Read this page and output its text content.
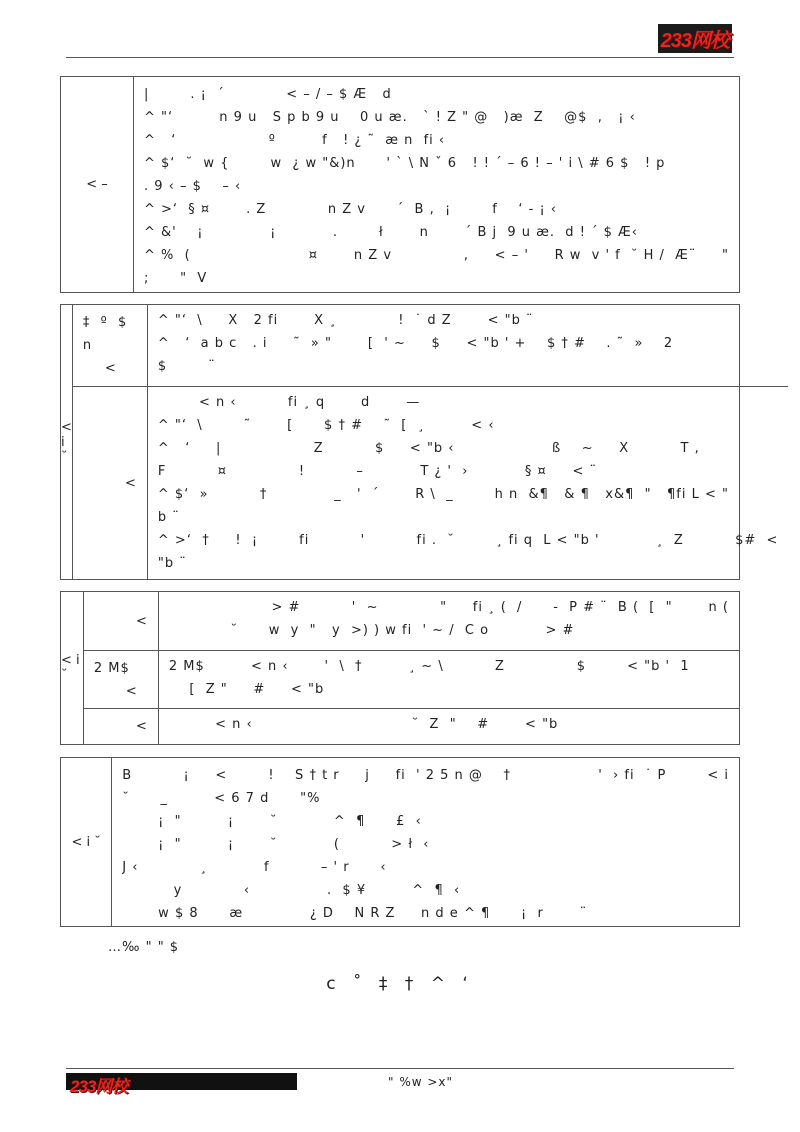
233网校
< –
|        . ¡  ´            < – / – $ Æ   d
^ "‘         n 9 u   S p b 9 u    0 u æ.   ` ! Z " @   )æ  Z    @$  ,   ¡ ‹
^   ‘                  º         f   ! ¿ ˜  æ n  fi ‹
^ $‘  ˘  w {        w  ¿ w "&)n      ' ` \ N ˇ 6   ! ! ´ – 6 ! – ' i \ # 6 $   ! p
. 9 ‹ – $    – ‹
^ >‘  § ¤       . Z            n Z v      ´  B ,  ¡        f    ‘ - ¡ ‹
^ &'    ¡             ¡           .        ł       n       ´ B j  9 u æ.  d ! ´ $ Æ‹
^ %  (                       ¤       n Z v              ,     < – '     R w  v ' f  ˘ H /  Æ¨     "
;      "  V
< i ˘
‡  º  $
n
<
^ "‘  \     X   2 fi       X ¸            !  ˙ d Z       < "b ¨
^   ‘  a b c   . i     ˜  » "       [  ' ~     $     < "b ' +    $ † #    . ˜  »    2
$        ¨
<
< n ‹          fi ¸ q       d       —
^ "‘  \        ˜       [      $ † #    ˜  [  ¸         < ‹
^   ‘     |                  Z          $     < "b ‹                   ß    ~     X          T ,
F          ¤              !          –           T ¿ '  ›           § ¤     < ¨
^ $‘  »          †             _   '  ´       R \  _        h n  &¶   & ¶   x&¶  "   ¶fi L < "
b ¨
^ >‘  †     !  ¡        fi          '          fi .  ˘        ¸ fi q  L < "b '           ¸  Z          $#  <
"b ¨
< i ˘
<
> #          '  ~            "     fi ¸ (  /      -  P # ¨  B (  [  "       n (
˘      w  y  "   y  >) ) w fi  ' ~ /  C o           > #
2 M$
<
2 M$         < n ‹       '  \  †         ¸ ~ \          Z              $        < "b '  1
[  Z "     #     < "b
< < n ‹                               ˘  Z  "    #       < "b
< i ˘
B          ¡     <        !    S † t r     j     fi  ' 2 5 n @    †                 '  › fi  ˙ P        < i
˘      _         < 6 7 d      "%
¡  "         ¡       ˘           ^  ¶      £  ‹
¡  "         ¡       ˘           (          > ł  ‹
J ‹            ¸           f          – ' r      ‹
y            ‹               .  $ ¥         ^  ¶  ‹
w $ 8      æ             ¿ D    N R Z     n d e ^ ¶      ¡  r       ¨
…‰ " " $
c ˚ ‡ † ^ ‘
233网校	" %w >x"
